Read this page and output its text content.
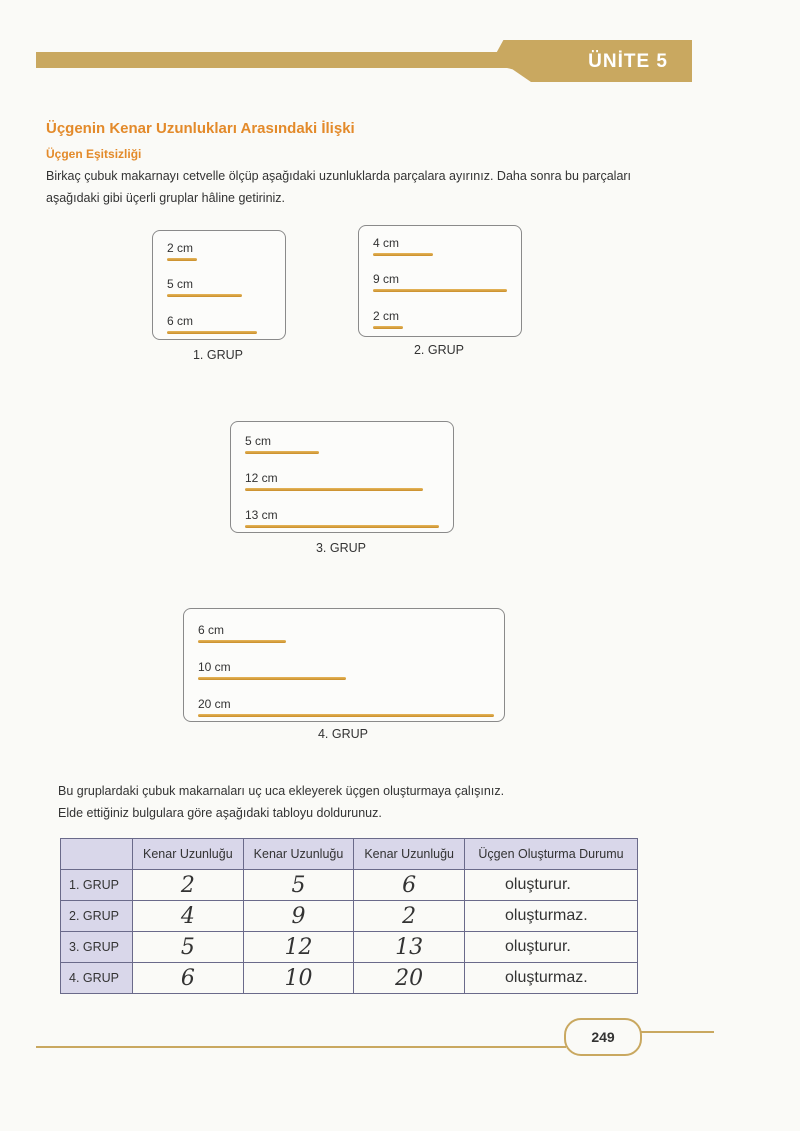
ÜNİTE 5
Üçgenin Kenar Uzunlukları Arasındaki İlişki
Üçgen Eşitsizliği
Birkaç çubuk makarnayı cetvelle ölçüp aşağıdaki uzunluklarda parçalara ayırınız. Daha sonra bu parçaları aşağıdaki gibi üçerli gruplar hâline getiriniz.
2 cm
5 cm
6 cm
1. GRUP
4 cm
9 cm
2 cm
2. GRUP
5 cm
12 cm
13 cm
3. GRUP
6 cm
10 cm
20 cm
4. GRUP
Bu gruplardaki çubuk makarnaları uç uca ekleyerek üçgen oluşturmaya çalışınız.
Elde ettiğiniz bulgulara göre aşağıdaki tabloyu doldurunuz.
	Kenar Uzunluğu	Kenar Uzunluğu	Kenar Uzunluğu	Üçgen Oluşturma Durumu
1. GRUP	2	5	6	oluşturur.
2. GRUP	4	9	2	oluşturmaz.
3. GRUP	5	12	13	oluşturur.
4. GRUP	6	10	20	oluşturmaz.
249
